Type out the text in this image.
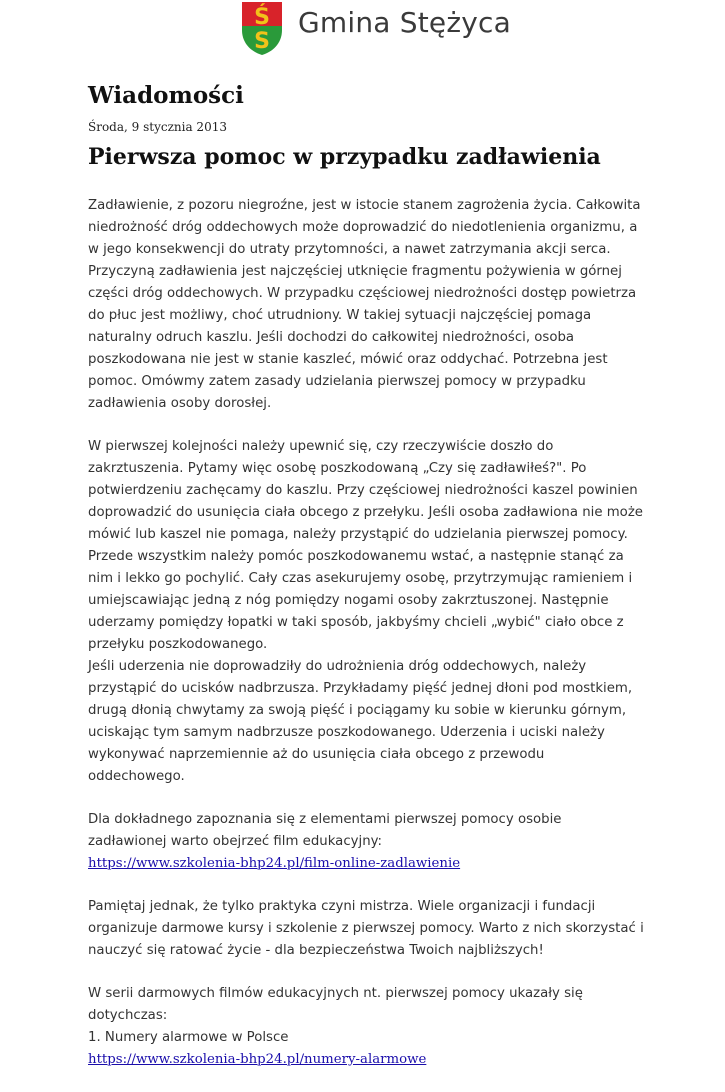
Ś
S
Gmina Stężyca
Wiadomości
Środa, 9 stycznia 2013
Pierwsza pomoc w przypadku zadławienia

Zadławienie, z pozoru niegroźne, jest w istocie stanem zagrożenia życia. Całkowita niedrożność dróg oddechowych może doprowadzić do niedotlenienia organizmu, a w jego konsekwencji do utraty przytomności, a nawet zatrzymania akcji serca. Przyczyną zadławienia jest najczęściej utknięcie fragmentu pożywienia w górnej części dróg oddechowych. W przypadku częściowej niedrożności dostęp powietrza do płuc jest możliwy, choć utrudniony. W takiej sytuacji najczęściej pomaga naturalny odruch kaszlu. Jeśli dochodzi do całkowitej niedrożności, osoba poszkodowana nie jest w stanie kaszleć, mówić oraz oddychać. Potrzebna jest pomoc. Omówmy zatem zasady udzielania pierwszej pomocy w przypadku zadławienia osoby dorosłej.

W pierwszej kolejności należy upewnić się, czy rzeczywiście doszło do zakrztuszenia. Pytamy więc osobę poszkodowaną „Czy się zadławiłeś?". Po potwierdzeniu zachęcamy do kaszlu. Przy częściowej niedrożności kaszel powinien doprowadzić do usunięcia ciała obcego z przełyku. Jeśli osoba zadławiona nie może mówić lub kaszel nie pomaga, należy przystąpić do udzielania pierwszej pomocy. Przede wszystkim należy pomóc poszkodowanemu wstać, a następnie stanąć za nim i lekko go pochylić. Cały czas asekurujemy osobę, przytrzymując ramieniem i umiejscawiając jedną z nóg pomiędzy nogami osoby zakrztuszonej. Następnie uderzamy pomiędzy łopatki w taki sposób, jakbyśmy chcieli „wybić" ciało obce z przełyku poszkodowanego.
Jeśli uderzenia nie doprowadziły do udrożnienia dróg oddechowych, należy przystąpić do ucisków nadbrzusza. Przykładamy pięść jednej dłoni pod mostkiem, drugą dłonią chwytamy za swoją pięść i pociągamy ku sobie w kierunku górnym, uciskając tym samym nadbrzusze poszkodowanego. Uderzenia i uciski należy wykonywać naprzemiennie aż do usunięcia ciała obcego z przewodu oddechowego.

Dla dokładnego zapoznania się z elementami pierwszej pomocy osobie zadławionej warto obejrzeć film edukacyjny:
https://www.szkolenia-bhp24.pl/film-online-zadlawienie

Pamiętaj jednak, że tylko praktyka czyni mistrza. Wiele organizacji i fundacji organizuje darmowe kursy i szkolenie z pierwszej pomocy. Warto z nich skorzystać i nauczyć się ratować życie - dla bezpieczeństwa Twoich najbliższych!

W serii darmowych filmów edukacyjnych nt. pierwszej pomocy ukazały się dotychczas:
1. Numery alarmowe w Polsce
https://www.szkolenia-bhp24.pl/numery-alarmowe
